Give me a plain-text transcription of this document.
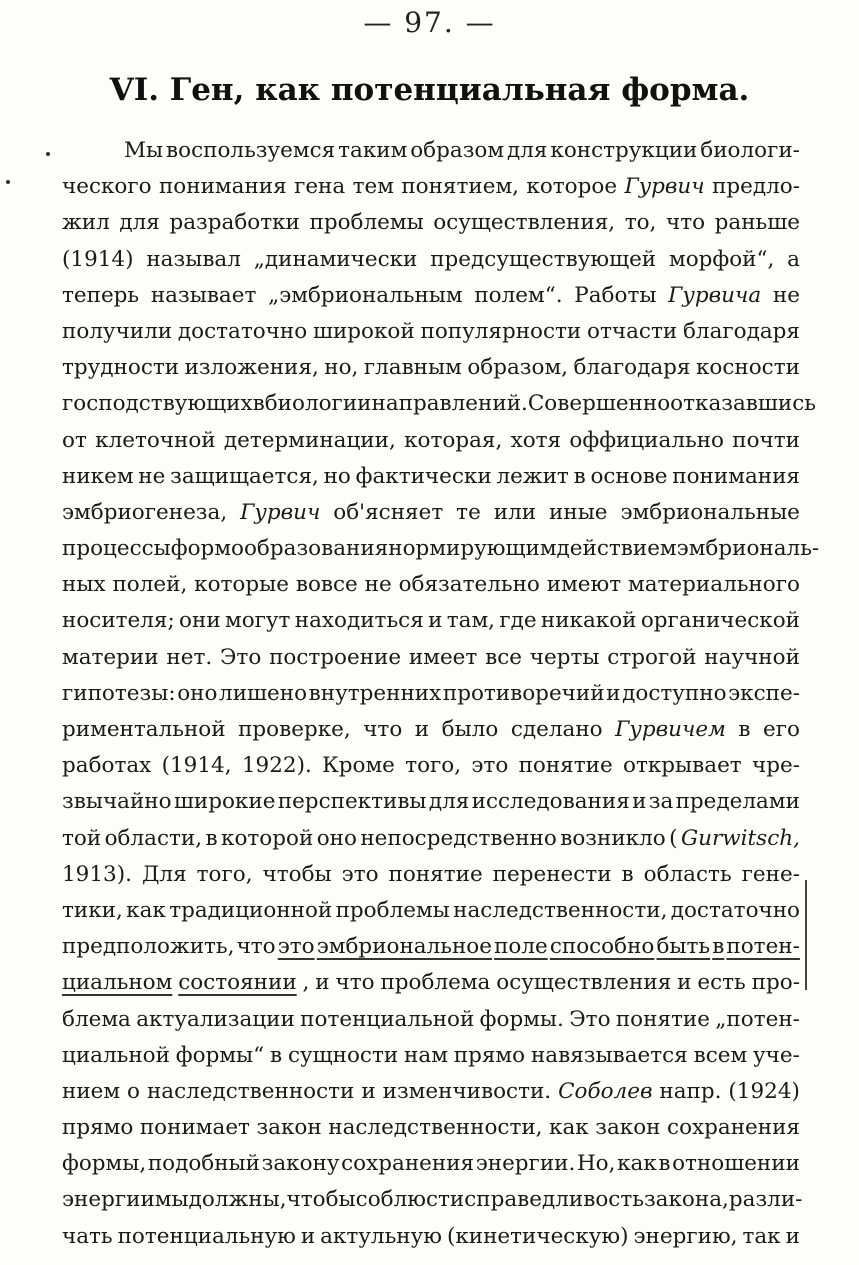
— 97. —
VI. Ген, как потенциальная форма.
Мы воспользуемся таким образом для конструкции биологи-
ческого понимания гена тем понятием, которое Гурвич предло-
жил для разработки проблемы осуществления, то, что раньше
(1914) называл „динамически предсуществующей морфой“, а
теперь называет „эмбриональным полем“. Работы Гурвича не
получили достаточно широкой популярности отчасти благодаря
трудности изложения, но, главным образом, благодаря косности
господствующих в биологии направлений. Совершенно отказавшись
от клеточной детерминации, которая, хотя оффициально почти
никем не защищается, но фактически лежит в основе понимания
эмбриогенеза, Гурвич об'ясняет те или иные эмбриональные
процессы формообразования нормирующим действием эмбриональ-
ных полей, которые вовсе не обязательно имеют материального
носителя; они могут находиться и там, где никакой органической
материи нет. Это построение имеет все черты строгой научной
гипотезы: оно лишено внутренних противоречий и доступно экспе-
риментальной проверке, что и было сделано Гурвичем в его
работах (1914, 1922). Кроме того, это понятие открывает чре-
звычайно широкие перспективы для исследования и за пределами
той области, в которой оно непосредственно возникло ( Gurwitsch,
1913). Для того, чтобы это понятие перенести в область гене-
тики, как традиционной проблемы наследственности, достаточно
предположить, что это эмбриональное поле способно быть в потен-
циальном состоянии , и что проблема осуществления и есть про-
блема актуализации потенциальной формы. Это понятие „потен-
циальной формы“ в сущности нам прямо навязывается всем уче-
нием о наследственности и изменчивости. Соболев напр. (1924)
прямо понимает закон наследственности, как закон сохранения
формы, подобный закону сохранения энергии. Но, как в отношении
энергии мы должны, чтобы соблюсти справедливость закона, разли-
чать потенциальную и актульную (кинетическую) энергию, так и
